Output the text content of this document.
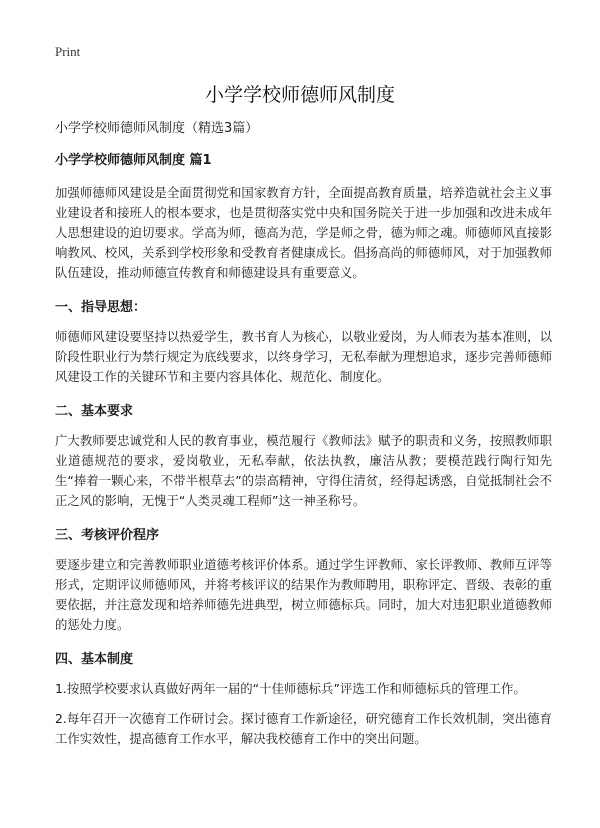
Print
小学学校师德师风制度

小学学校师德师风制度（精选3篇）

小学学校师德师风制度 篇1

加强师德师风建设是全面贯彻党和国家教育方针，全面提高教育质量，培养造就社会主义事业建设者和接班人的根本要求，也是贯彻落实党中央和国务院关于进一步加强和改进未成年人思想建设的迫切要求。学高为师，德高为范，学是师之骨，德为师之魂。师德师风直接影响教风、校风，关系到学校形象和受教育者健康成长。倡扬高尚的师德师风，对于加强教师队伍建设，推动师德宣传教育和师德建设具有重要意义。

一、指导思想：

师德师风建设要坚持以热爱学生，教书育人为核心，以敬业爱岗，为人师表为基本准则，以阶段性职业行为禁行规定为底线要求，以终身学习，无私奉献为理想追求，逐步完善师德师风建设工作的关键环节和主要内容具体化、规范化、制度化。

二、基本要求

广大教师要忠诚党和人民的教育事业，模范履行《教师法》赋予的职责和义务，按照教师职业道德规范的要求，爱岗敬业，无私奉献，依法执教，廉洁从教；要模范践行陶行知先生“捧着一颗心来，不带半根草去”的崇高精神，守得住清贫，经得起诱惑，自觉抵制社会不正之风的影响，无愧于“人类灵魂工程师”这一神圣称号。

三、考核评价程序

要逐步建立和完善教师职业道德考核评价体系。通过学生评教师、家长评教师、教师互评等形式，定期评议师德师风，并将考核评议的结果作为教师聘用，职称评定、晋级、表彰的重要依据，并注意发现和培养师德先进典型，树立师德标兵。同时，加大对违犯职业道德教师的惩处力度。

四、基本制度

1.按照学校要求认真做好两年一届的“十佳师德标兵”评选工作和师德标兵的管理工作。

2.每年召开一次德育工作研讨会。探讨德育工作新途径，研究德育工作长效机制，突出德育工作实效性，提高德育工作水平，解决我校德育工作中的突出问题。
